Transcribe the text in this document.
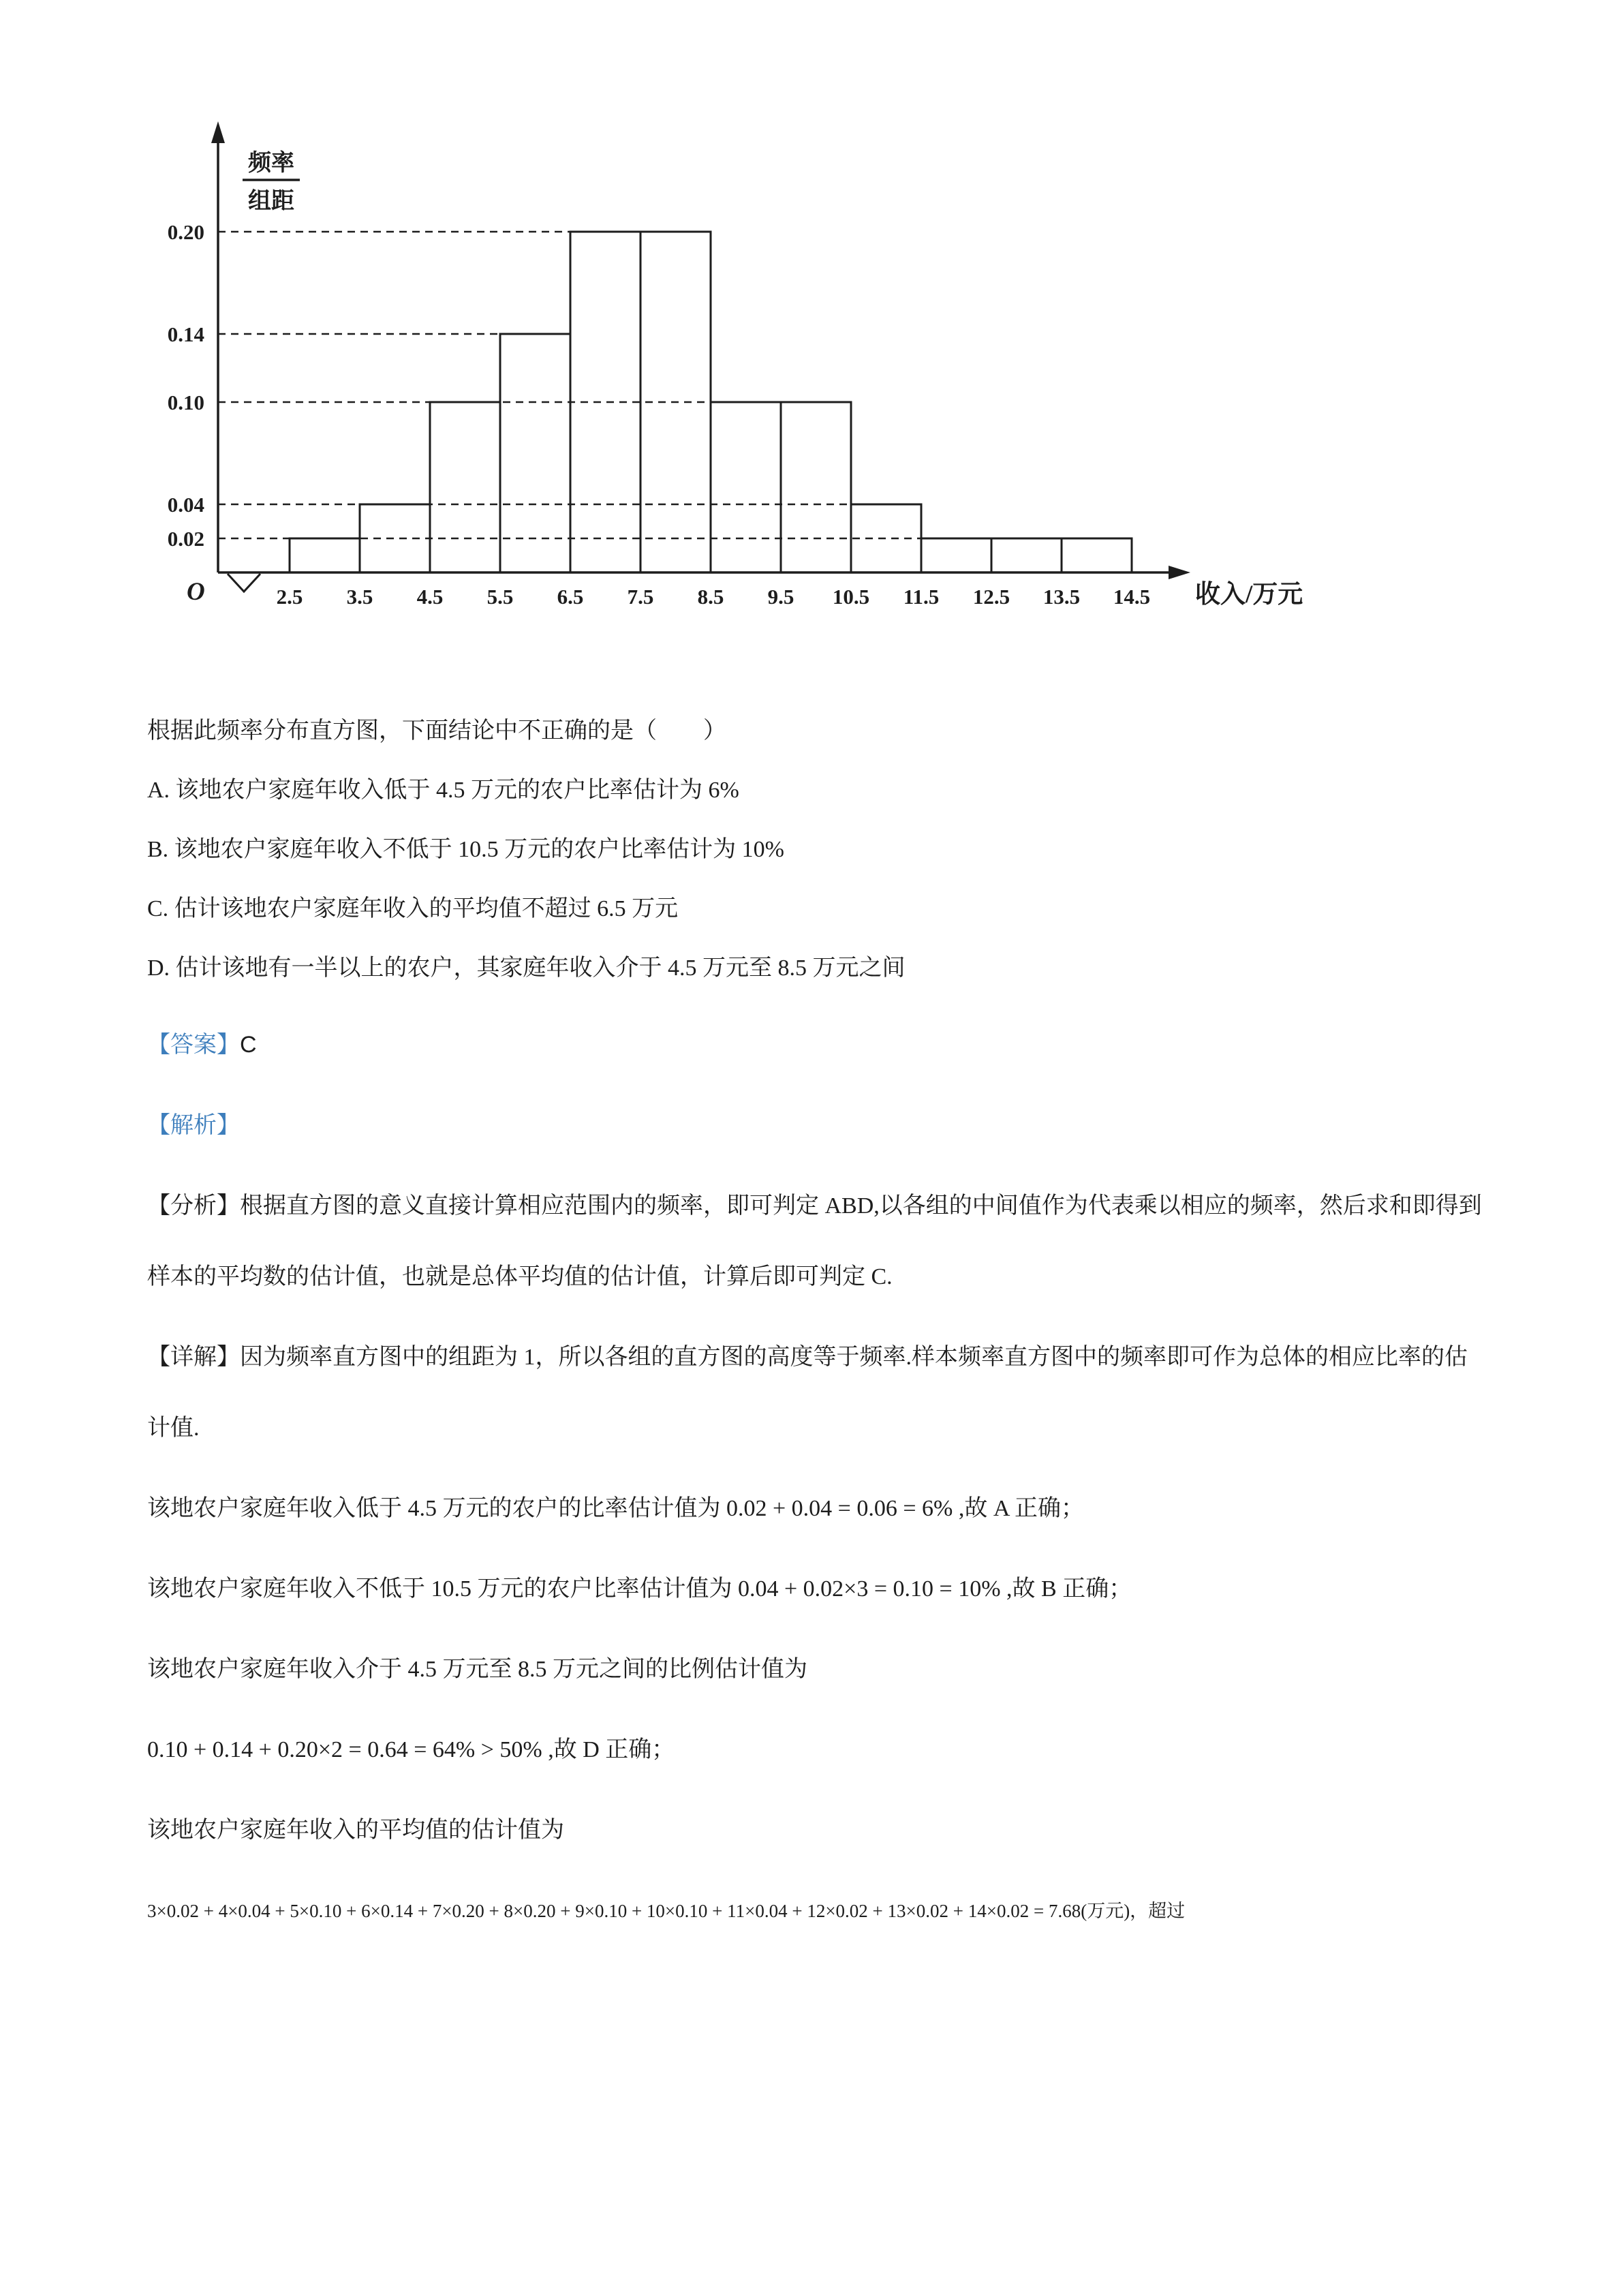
0.20
0.14
0.10
0.04
0.02
2.5 3.5 4.5 5.5 6.5 7.5 8.5 9.5 10.5 11.5 12.5 13.5 14.5
O	收入/万元
频率
组距

根据此频率分布直方图，下面结论中不正确的是（　　）

A. 该地农户家庭年收入低于 4.5 万元的农户比率估计为 6%

B. 该地农户家庭年收入不低于 10.5 万元的农户比率估计为 10%

C. 估计该地农户家庭年收入的平均值不超过 6.5 万元

D. 估计该地有一半以上的农户，其家庭年收入介于 4.5 万元至 8.5 万元之间

【答案】C

【解析】

【分析】根据直方图的意义直接计算相应范围内的频率，即可判定 ABD,以各组的中间值作为代表乘以相应的频率，然后求和即得到样本的平均数的估计值，也就是总体平均值的估计值，计算后即可判定 C.

【详解】因为频率直方图中的组距为 1，所以各组的直方图的高度等于频率.样本频率直方图中的频率即可作为总体的相应比率的估计值.

该地农户家庭年收入低于 4.5 万元的农户的比率估计值为 0.02 + 0.04 = 0.06 = 6% ,故 A 正确；

该地农户家庭年收入不低于 10.5 万元的农户比率估计值为 0.04 + 0.02×3 = 0.10 = 10% ,故 B 正确；

该地农户家庭年收入介于 4.5 万元至 8.5 万元之间的比例估计值为

0.10 + 0.14 + 0.20×2 = 0.64 = 64% > 50% ,故 D 正确；

该地农户家庭年收入的平均值的估计值为

3×0.02 + 4×0.04 + 5×0.10 + 6×0.14 + 7×0.20 + 8×0.20 + 9×0.10 + 10×0.10 + 11×0.04 + 12×0.02 + 13×0.02 + 14×0.02 = 7.68(万元)，超过
